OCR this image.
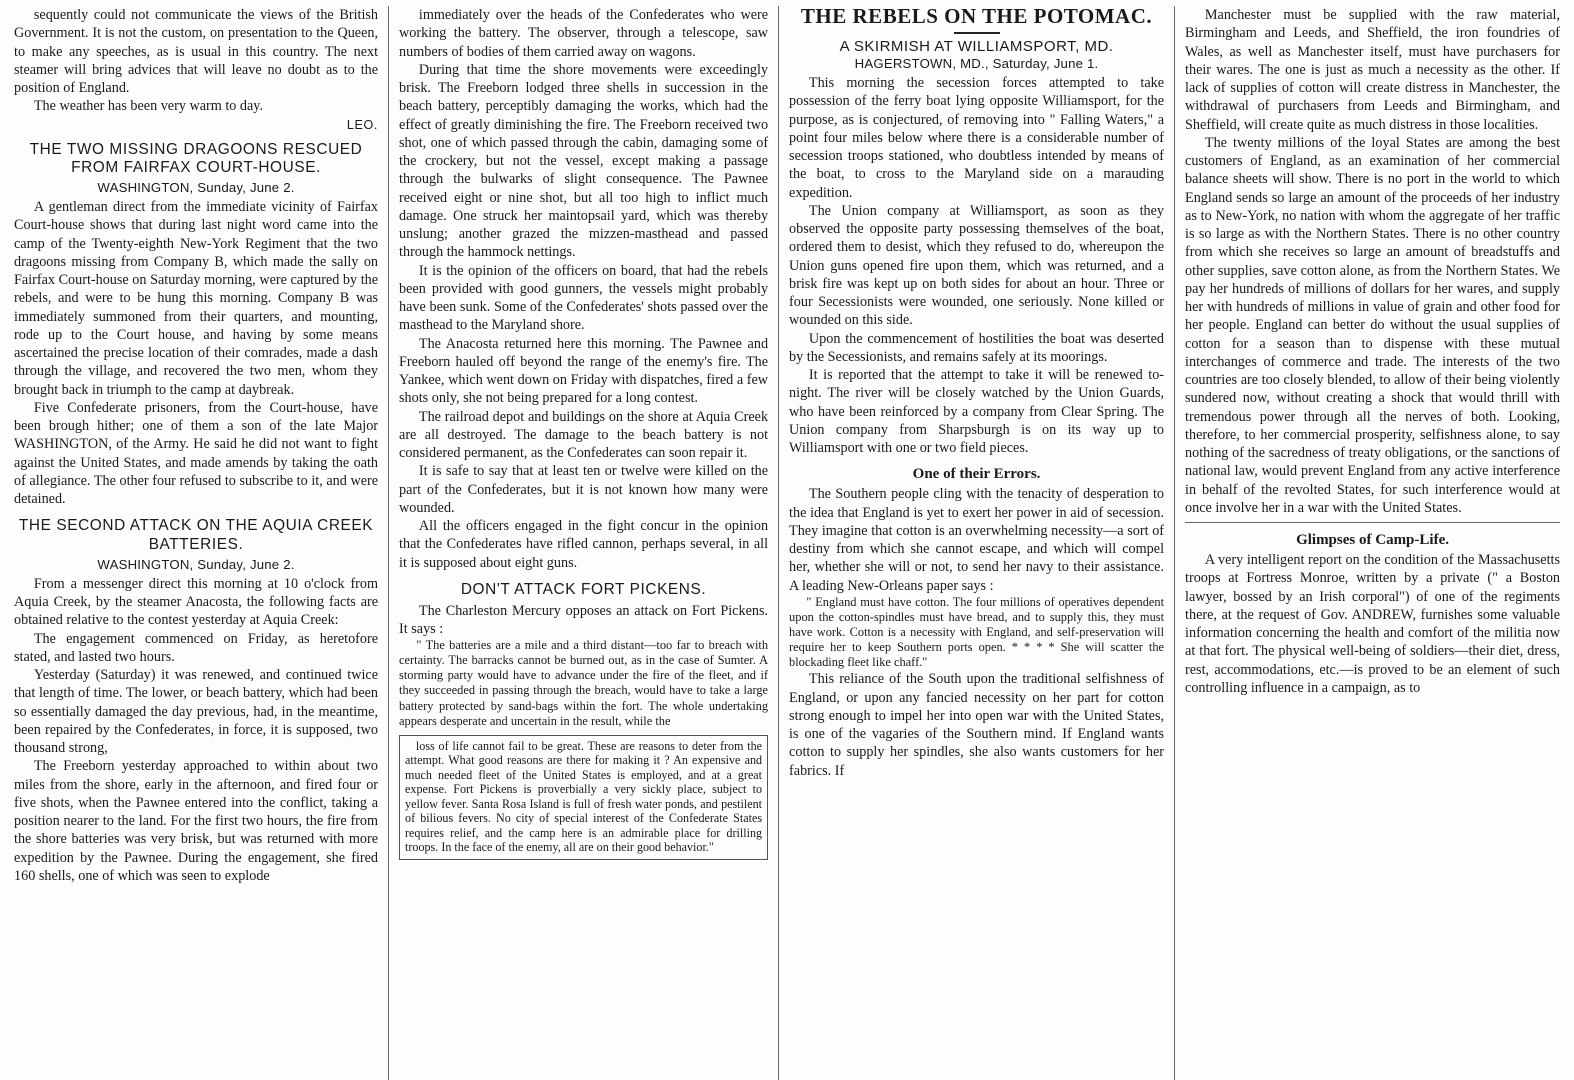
sequently could not communicate the views of the British Government. It is not the custom, on presentation to the Queen, to make any speeches, as is usual in this country. The next steamer will bring advices that will leave no doubt as to the position of England.

The weather has been very warm to day.

LEO.
THE TWO MISSING DRAGOONS RESCUED FROM FAIRFAX COURT-HOUSE.
WASHINGTON, Sunday, June 2.

A gentleman direct from the immediate vicinity of Fairfax Court-house shows that during last night word came into the camp of the Twenty-eighth New-York Regiment that the two dragoons missing from Company B, which made the sally on Fairfax Court-house on Saturday morning, were captured by the rebels, and were to be hung this morning. Company B was immediately summoned from their quarters, and mounting, rode up to the Court house, and having by some means ascertained the precise location of their comrades, made a dash through the village, and recovered the two men, whom they brought back in triumph to the camp at daybreak.

Five Confederate prisoners, from the Court-house, have been brough hither; one of them a son of the late Major WASHINGTON, of the Army. He said he did not want to fight against the United States, and made amends by taking the oath of allegiance. The other four refused to subscribe to it, and were detained.

THE SECOND ATTACK ON THE AQUIA CREEK BATTERIES.
WASHINGTON, Sunday, June 2.

From a messenger direct this morning at 10 o'clock from Aquia Creek, by the steamer Anacosta, the following facts are obtained relative to the contest yesterday at Aquia Creek:

The engagement commenced on Friday, as heretofore stated, and lasted two hours.

Yesterday (Saturday) it was renewed, and continued twice that length of time. The lower, or beach battery, which had been so essentially damaged the day previous, had, in the meantime, been repaired by the Confederates, in force, it is supposed, two thousand strong,

The Freeborn yesterday approached to within about two miles from the shore, early in the afternoon, and fired four or five shots, when the Pawnee entered into the conflict, taking a position nearer to the land. For the first two hours, the fire from the shore batteries was very brisk, but was returned with more expedition by the Pawnee. During the engagement, she fired 160 shells, one of which was seen to explode

immediately over the heads of the Confederates who were working the battery. The observer, through a telescope, saw numbers of bodies of them carried away on wagons.

During that time the shore movements were exceedingly brisk. The Freeborn lodged three shells in succession in the beach battery, perceptibly damaging the works, which had the effect of greatly diminishing the fire. The Freeborn received two shot, one of which passed through the cabin, damaging some of the crockery, but not the vessel, except making a passage through the bulwarks of slight consequence. The Pawnee received eight or nine shot, but all too high to inflict much damage. One struck her maintopsail yard, which was thereby unslung; another grazed the mizzen-masthead and passed through the hammock nettings.

It is the opinion of the officers on board, that had the rebels been provided with good gunners, the vessels might probably have been sunk. Some of the Confederates' shots passed over the masthead to the Maryland shore.

The Anacosta returned here this morning. The Pawnee and Freeborn hauled off beyond the range of the enemy's fire. The Yankee, which went down on Friday with dispatches, fired a few shots only, she not being prepared for a long contest.

The railroad depot and buildings on the shore at Aquia Creek are all destroyed. The damage to the beach battery is not considered permanent, as the Confederates can soon repair it.

It is safe to say that at least ten or twelve were killed on the part of the Confederates, but it is not known how many were wounded.

All the officers engaged in the fight concur in the opinion that the Confederates have rifled cannon, perhaps several, in all it is supposed about eight guns.

DON'T ATTACK FORT PICKENS.

The Charleston Mercury opposes an attack on Fort Pickens. It says :

" The batteries are a mile and a third distant—too far to breach with certainty. The barracks cannot be burned out, as in the case of Sumter. A storming party would have to advance under the fire of the fleet, and if they succeeded in passing through the breach, would have to take a large battery protected by sand-bags within the fort. The whole undertaking appears desperate and uncertain in the result, while the

loss of life cannot fail to be great. These are reasons to deter from the attempt. What good reasons are there for making it ? An expensive and much needed fleet of the United States is employed, and at a great expense. Fort Pickens is proverbially a very sickly place, subject to yellow fever. Santa Rosa Island is full of fresh water ponds, and pestilent of bilious fevers. No city of special interest of the Confederate States requires relief, and the camp here is an admirable place for drilling troops. In the face of the enemy, all are on their good behavior."

THE REBELS ON THE POTOMAC.
A SKIRMISH AT WILLIAMSPORT, MD.
HAGERSTOWN, MD., Saturday, June 1.

This morning the secession forces attempted to take possession of the ferry boat lying opposite Williamsport, for the purpose, as is conjectured, of removing into " Falling Waters," a point four miles below where there is a considerable number of secession troops stationed, who doubtless intended by means of the boat, to cross to the Maryland side on a marauding expedition.

The Union company at Williamsport, as soon as they observed the opposite party possessing themselves of the boat, ordered them to desist, which they refused to do, whereupon the Union guns opened fire upon them, which was returned, and a brisk fire was kept up on both sides for about an hour. Three or four Secessionists were wounded, one seriously. None killed or wounded on this side.

Upon the commencement of hostilities the boat was deserted by the Secessionists, and remains safely at its moorings.

It is reported that the attempt to take it will be renewed to-night. The river will be closely watched by the Union Guards, who have been reinforced by a company from Clear Spring. The Union company from Sharpsburgh is on its way up to Williamsport with one or two field pieces.

One of their Errors.

The Southern people cling with the tenacity of desperation to the idea that England is yet to exert her power in aid of secession. They imagine that cotton is an overwhelming necessity—a sort of destiny from which she cannot escape, and which will compel her, whether she will or not, to send her navy to their assistance. A leading New-Orleans paper says :

" England must have cotton. The four millions of operatives dependent upon the cotton-spindles must have bread, and to supply this, they must have work. Cotton is a necessity with England, and self-preservation will require her to keep Southern ports open. * * * * She will scatter the blockading fleet like chaff."

This reliance of the South upon the traditional selfishness of England, or upon any fancied necessity on her part for cotton strong enough to impel her into open war with the United States, is one of the vagaries of the Southern mind. If England wants cotton to supply her spindles, she also wants customers for her fabrics. If

Manchester must be supplied with the raw material, Birmingham and Leeds, and Sheffield, the iron foundries of Wales, as well as Manchester itself, must have purchasers for their wares. The one is just as much a necessity as the other. If lack of supplies of cotton will create distress in Manchester, the withdrawal of purchasers from Leeds and Birmingham, and Sheffield, will create quite as much distress in those localities.

The twenty millions of the loyal States are among the best customers of England, as an examination of her commercial balance sheets will show. There is no port in the world to which England sends so large an amount of the proceeds of her industry as to New-York, no nation with whom the aggregate of her traffic is so large as with the Northern States. There is no other country from which she receives so large an amount of breadstuffs and other supplies, save cotton alone, as from the Northern States. We pay her hundreds of millions of dollars for her wares, and supply her with hundreds of millions in value of grain and other food for her people. England can better do without the usual supplies of cotton for a season than to dispense with these mutual interchanges of commerce and trade. The interests of the two countries are too closely blended, to allow of their being violently sundered now, without creating a shock that would thrill with tremendous power through all the nerves of both. Looking, therefore, to her commercial prosperity, selfishness alone, to say nothing of the sacredness of treaty obligations, or the sanctions of national law, would prevent England from any active interference in behalf of the revolted States, for such interference would at once involve her in a war with the United States.

Glimpses of Camp-Life.

A very intelligent report on the condition of the Massachusetts troops at Fortress Monroe, written by a private (" a Boston lawyer, bossed by an Irish corporal") of one of the regiments there, at the request of Gov. ANDREW, furnishes some valuable information concerning the health and comfort of the militia now at that fort. The physical well-being of soldiers—their diet, dress, rest, accommodations, etc.—is proved to be an element of such controlling influence in a campaign, as to
